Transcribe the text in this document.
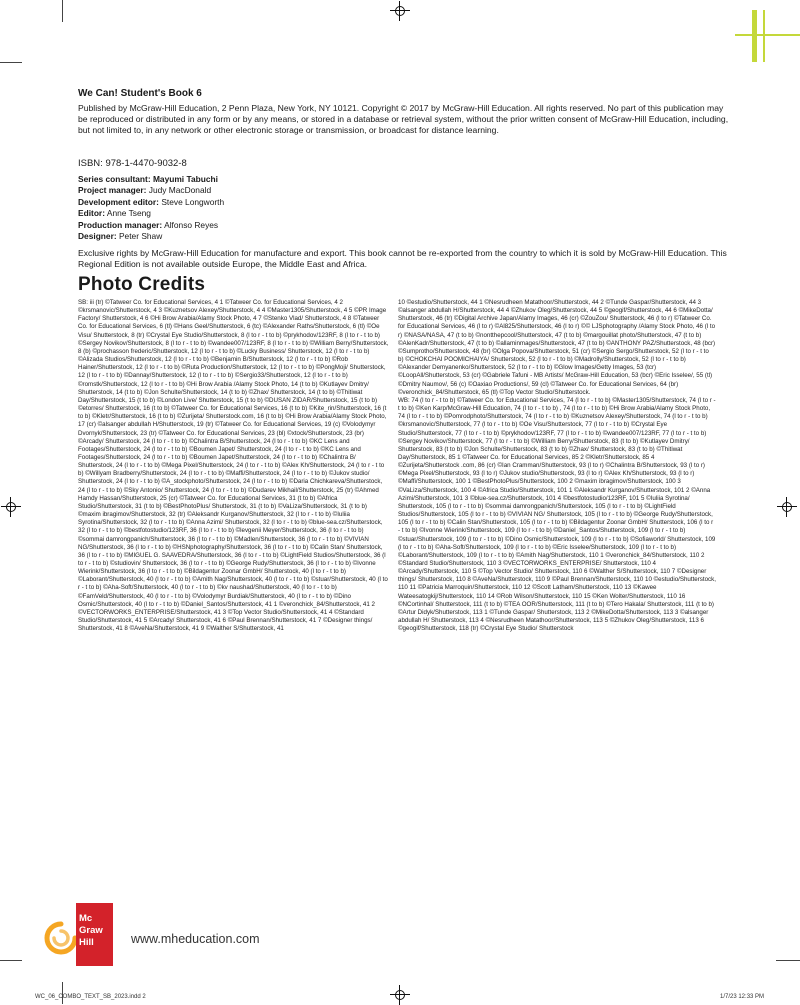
We Can! Student's Book 6
Published by McGraw-Hill Education, 2 Penn Plaza, New York, NY 10121. Copyright © 2017 by McGraw-Hill Education. All rights reserved. No part of this publication may be reproduced or distributed in any form or by any means, or stored in a database or retrieval system, without the prior written consent of McGraw-Hill Education, including, but not limited to, in any network or other electronic storage or transmission, or broadcast for distance learning.
ISBN: 978-1-4470-9032-8
Series consultant: Mayumi Tabuchi
Project manager: Judy MacDonald
Development editor: Steve Longworth
Editor: Anne Tseng
Production manager: Alfonso Reyes
Designer: Peter Shaw
Exclusive rights by McGraw-Hill Education for manufacture and export. This book cannot be re-exported from the country to which it is sold by McGraw-Hill Education. This Regional Edition is not available outside Europe, the Middle East and Africa.
Photo Credits
SB: iii (tr) ©Tatweer Co. for Educational Services, 4 1 ©Tatweer Co. for Educational Services, 4 2 ©krsmanovic/Shutterstock, 4 3 ©Kuznetsov Alexey/Shutterstock, 4 4 ©Master1305/Shutterstock, 4 5 ©PR Image Factory/ Shutterstock, 4 6 ©Hi Brow Arabia/Alamy Stock Photo, 4 7 ©Stenko Vlad/ Shutterstock, 4 8 ©Tatweer Co. for Educational Services, 6 (tl) ©Hans Geel/Shutterstock, 6 (tc) ©Alexander Raths/Shutterstock, 6 (tl) ©Oe Visu/ Shutterstock, 8 (tr) ©Crystal Eye Studio/Shutterstock, 8 (l to r - t to b) ©prykhodov/123RF, 8 (l to r - t to b) ©Sergey Novikov/Shutterstock, 8 (l to r - t to b) ©wandee007/123RF, 8 (l to r - t to b) ©William Berry/Shutterstock, 8 (b) ©prochasson frederic/Shutterstock, 12 (l to r - t to b) ©Lucky Business/ Shutterstock, 12 (l to r - t to b) ©Alizada Studios/Shutterstock, 12 (l to r - t to b) ©Benjamin B/Shutterstock, 12 (l to r - t to b) ©Rob Hainer/Shutterstock, 12 (l to r - t to b) ©Ruta Production/Shutterstock, 12 (l to r - t to b) ©PongMoji/ Shutterstock, 12 (l to r - t to b) ©Dannay/Shutterstock, 12 (l to r - t to b) ©Sergio33/Shutterstock, 12 (l to r - t to b) ©romstk/Shutterstock, 12 (l to r - t to b) ©Hi Brow Arabia /Alamy Stock Photo, 14 (t to b) ©Kutlayev Dmitry/ Shutterstock, 14 (t to b) ©Jon Schulte/Shutterstock, 14 (t to b) ©Zhax/ Shutterstock, 14 (t to b) ©Thitiwat Day/Shutterstock, 15 (t to b) ©London Live/ Shutterstock, 15 (t to b) ©DUSAN ZIDAR/Shutterstock, 15 (t to b) ©etorres/ Shutterstock, 16 (t to b) ©Tatweer Co. for Educational Services, 16 (t to b) ©Kite_rin/Shutterstock, 16 (t to b) ©Kletr/Shutterstock, 16 (t to b) ©Zurijeta/ Shutterstock.com, 16 (t to b) ©Hi Brow Arabia/Alamy Stock Photo, 17 (cr) ©alsanger abdullah H/Shutterstock, 19 (tr) ©Tatweer Co. for Educational Services, 19 (c) ©Volodymyr Dvornyk/Shutterstock, 23 (tr) ©Tatweer Co. for Educational Services, 23 (bl) ©xtock/Shutterstock, 23 (br) ©Arcady/ Shutterstock, 24 (l to r - t to b) ©Chalintra B/Shutterstock, 24 (l to r - t to b) ©KC Lens and Footages/Shutterstock, 24 (l to r - t to b) ©Boumen Japet/ Shutterstock, 24 (l to r - t to b) ©KC Lens and Footages/Shutterstock, 24 (l to r - t to b) ©Boumen Japet/Shutterstock, 24 (l to r - t to b) ©Chalintra B/ Shutterstock, 24 (l to r - t to b) ©Mega Pixel/Shutterstock, 24 (l to r - t to b) ©Alex Kh/Shutterstock, 24 (l to r - t to b) ©Willyam Bradberry/Shutterstock, 24 (l to r - t to b) ©Maffi/Shutterstock, 24 (l to r - t to b) ©Jukov studio/ Shutterstock, 24 (l to r - t to b) ©A_stockphoto/Shutterstock, 24 (l to r - t to b) ©Daria Chichkareva/Shutterstock, 24 (l to r - t to b) ©Sky Antonio/ Shutterstock, 24 (l to r - t to b) ©Dudarev Mikhail/Shutterstock, 25 (tr) ©Ahmed Hamdy Hassan/Shutterstock, 25 (cr) ©Tatweer Co. for Educational Services, 31 (t to b) ©Africa Studio/Shutterstock, 31 (t to b) ©BestPhotoPlus/ Shutterstock, 31 (t to b) ©VaLiza/Shutterstock, 31 (t to b) ©maxim ibragimov/Shutterstock, 32 (tr) ©Aleksandr Kurganov/Shutterstock, 32 (l to r - t to b) ©Iuliia Syrotina/Shutterstock, 32 (l to r - t to b) ©Anna Azimi/ Shutterstock, 32 (l to r - t to b) ©blue-sea.cz/Shutterstock, 32 (l to r - t to b) ©bestfotostudio/123RF, 36 (l to r - t to b) ©levgenii Meyer/Shutterstock, 36 (l to r - t to b) ©sommai damrongpanich/Shutterstock, 36 (l to r - t to b) ©Madlen/Shutterstock, 36 (l to r - t to b) ©VIVIAN NG/Shutterstock, 36 (l to r - t to b) ©HSNphotography/Shutterstock, 36 (l to r - t to b) ©Calin Stan/ Shutterstock, 36 (l to r - t to b) ©MIGUEL G. SAAVEDRA/Shutterstock, 36 (l to r - t to b) ©LightField Studios/Shutterstock, 36 (l to r - t to b) ©studiovin/ Shutterstock, 36 (l to r - t to b) ©George Rudy/Shutterstock, 36 (l to r - t to b) ©Ivonne Wierink/Shutterstock, 36 (l to r - t to b) ©Bildagentur Zoonar GmbH/ Shutterstock, 40 (l to r - t to b) ©Laborant/Shutterstock, 40 (l to r - t to b) ©Amith Nag/Shutterstock, 40 (l to r - t to b) ©stuar/Shutterstock, 40 (l to r - t to b) ©Aha-Soft/Shutterstock, 40 (l to r - t to b) ©kv naushad/Shutterstock, 40 (l to r - t to b) ©FamVeld/Shutterstock, 40 (l to r - t to b) ©Volodymyr Burdiak/Shutterstock, 40 (l to r - t to b) ©Dino Osmic/Shutterstock, 40 (l to r - t to b) ©Daniel_Santos/Shutterstock, 41 1 ©veronchick_84/Shutterstock, 41 2 ©VECTORWORKS_ENTERPRISE/Shutterstock, 41 3 ©Top Vector Studio/Shutterstock, 41 4 ©Standard Studio/Shutterstock, 41 5 ©Arcady/ Shutterstock, 41 6 ©Paul Brennan/Shutterstock, 41 7 ©Designer things/ Shutterstock, 41 8 ©AveNa/Shutterstock, 41 9 ©Walther S/Shutterstock, 41
10 ©estudio/Shutterstock, 44 1 ©Nesrudheen Matathoor/Shutterstock, 44 2 ©Tunde Gaspar/Shutterstock, 44 3 ©alsanger abdullah H/Shutterstock, 44 4 ©Zhukov Oleg/Shutterstock, 44 5 ©geogif/Shutterstock, 44 6 ©MikeDotta/ Shutterstock, 46 (tr) ©Digital Archive Japan/Alamy Images, 46 (cr) ©ZouZou/ Shutterstock, 46 (l to r) ©Tatweer Co. for Educational Services, 46 (l to r) ©Al825/Shutterstock, 46 (l to r) ©© LJSphotography /Alamy Stock Photo, 46 (l to r) ©NASA/NASA, 47 (t to b) ©nontthepcool/Shutterstock, 47 (t to b) ©margouillat photo/Shutterstock, 47 (t to b) ©AlenKadr/Shutterstock, 47 (t to b) ©allaminmages/Shutterstock, 47 (t to b) ©ANTHONY PAZ/Shutterstock, 48 (bcr) ©Sumprotho/Shutterstock, 48 (br) ©Olga Popova/Shutterstock, 51 (cr) ©Sergio Sergo/Shutterstock, 52 (l to r - t to b) ©CHOKCHAI POOMICHAIYA/ Shutterstock, 52 (l to r - t to b) ©Madrolly/Shutterstock, 52 (l to r - t to b) ©Alexander Demyanenko/Shutterstock, 52 (l to r - t to b) ©Glow Images/Getty Images, 53 (tcr) ©LoopAll/Shutterstock, 53 (cr) ©Gabriele Tafuni - MB Artists/ McGraw-Hill Education, 53 (bcr) ©Eric Isselee/, 55 (tl) ©Dmitry Naumov/, 56 (c) ©Oaxiao Productions/, 59 (cl) ©Tatweer Co. for Educational Services, 64 (br) ©veronchick_84/Shutterstock, 65 (tl) ©Top Vector Studio/Shutterstock.
WB: 74 (l to r - t to b) ©Tatweer Co. for Educational Services, 74 (l to r - t to b) ©Master1305/Shutterstock, 74 (l to r - t to b) ©Ken Karp/McGraw-Hill Education, 74 (l to r - t to b) , 74 (l to r - t to b) ©Hi Brow Arabia/Alamy Stock Photo, 74 (l to r - t to b) ©Pomrodphoto/Shutterstock, 74 (l to r - t to b) ©Kuznetsov Alexey/Shutterstock, 74 (l to r - t to b) ©krsmanovic/Shutterstock, 77 (l to r - t to b) ©Oe Visu/Shutterstock, 77 (l to r - t to b) ©Crystal Eye Studio/Shutterstock, 77 (l to r - t to b) ©prykhodov/123RF, 77 (l to r - t to b) ©wandee007/123RF, 77 (l to r - t to b) ©Sergey Novikov/Shutterstock, 77 (l to r - t to b) ©William Berry/Shutterstock, 83 (t to b) ©Kutlayev Dmitry/ Shutterstock, 83 (t to b) ©Jon Schulte/Shutterstock, 83 (t to b) ©Zhax/ Shutterstock, 83 (t to b) ©Thitiwat Day/Shutterstock, 85 1 ©Tatweer Co. for Educational Services, 85 2 ©Kletr/Shutterstock, 85 4 ©Zurijeta/Shutterstock .com, 86 (cr) ©Ian Cramman/Shutterstock, 93 (l to r) ©Chalintra B/Shutterstock, 93 (l to r) ©Mega Pixel/Shutterstock, 93 (l to r) ©Jukov studio/Shutterstock, 93 (l to r) ©Alex Kh/Shutterstock, 93 (l to r) ©Maffi/Shutterstock, 100 1 ©BestPhotoPlus/Shutterstock, 100 2 ©maxim ibragimov/Shutterstock, 100 3 ©VaLiza/Shutterstock, 100 4 ©Africa Studio/Shutterstock, 101 1 ©Aleksandr Kurganov/Shutterstock, 101 2 ©Anna Azimi/Shutterstock, 101 3 ©blue-sea.cz/Shutterstock, 101 4 ©bestfotostudio/123RF, 101 5 ©Iuliia Syrotina/ Shutterstock, 105 (l to r - t to b) ©sommai damrongpanich/Shutterstock, 105 (l to r - t to b) ©LightField Studios/Shutterstock, 105 (l to r - t to b) ©VIVIAN NG/ Shutterstock, 105 (l to r - t to b) ©George Rudy/Shutterstock, 105 (l to r - t to b) ©Calin Stan/Shutterstock, 105 (l to r - t to b) ©Bildagentur Zoonar GmbH/ Shutterstock, 106 (l to r - t to b) ©Ivonne Wierink/Shutterstock, 109 (l to r - t to b) ©Daniel_Santos/Shutterstock, 109 (l to r - t to b) ©stuar/Shutterstock, 109 (l to r - t to b) ©Dino Osmic/Shutterstock, 109 (l to r - t to b) ©Sofiaworld/ Shutterstock, 109 (l to r - t to b) ©Aha-Soft/Shutterstock, 109 (l to r - t to b) ©Eric Isselee/Shutterstock, 109 (l to r - t to b) ©Laborant/Shutterstock, 109 (l to r - t to b) ©Amith Nag/Shutterstock, 110 1 ©veronchick_84/Shutterstock, 110 2 ©Standard Studio/Shutterstock, 110 3 ©VECTORWORKS_ENTERPRISE/ Shutterstock, 110 4 ©Arcady/Shutterstock, 110 5 ©Top Vector Studio/ Shutterstock, 110 6 ©Walther S/Shutterstock, 110 7 ©Designer things/ Shutterstock, 110 8 ©AveNa/Shutterstock, 110 9 ©Paul Brennan/Shutterstock, 110 10 ©estudio/Shutterstock, 110 11 ©Patricia Marroquin/Shutterstock, 110 12 ©Scott Latham/Shutterstock, 110 13 ©Kawee Wateesatogkij/Shutterstock, 110 14 ©Rob Wilson/Shutterstock, 110 15 ©Ken Wolter/Shutterstock, 110 16 ©NCortinhal/ Shutterstock, 111 (t to b) ©TEA OOR/Shutterstock, 111 (t to b) ©Tero Hakala/ Shutterstock, 111 (t to b) ©Artur Didyk/Shutterstock, 113 1 ©Tunde Gaspar/ Shutterstock, 113 2 ©MikeDotta/Shutterstock, 113 3 ©alsanger abdullah H/ Shutterstock, 113 4 ©Nesrudheen Matathoor/Shutterstock, 113 5 ©Zhukov Oleg/Shutterstock, 113 6 ©geogif/Shutterstock, 118 (tr) ©Crystal Eye Studio/ Shutterstock
Mc
Graw
Hill	www.mheducation.com
WC_06_COMBO_TEXT_SB_2023.indd 2	1/7/23 12:33 PM
